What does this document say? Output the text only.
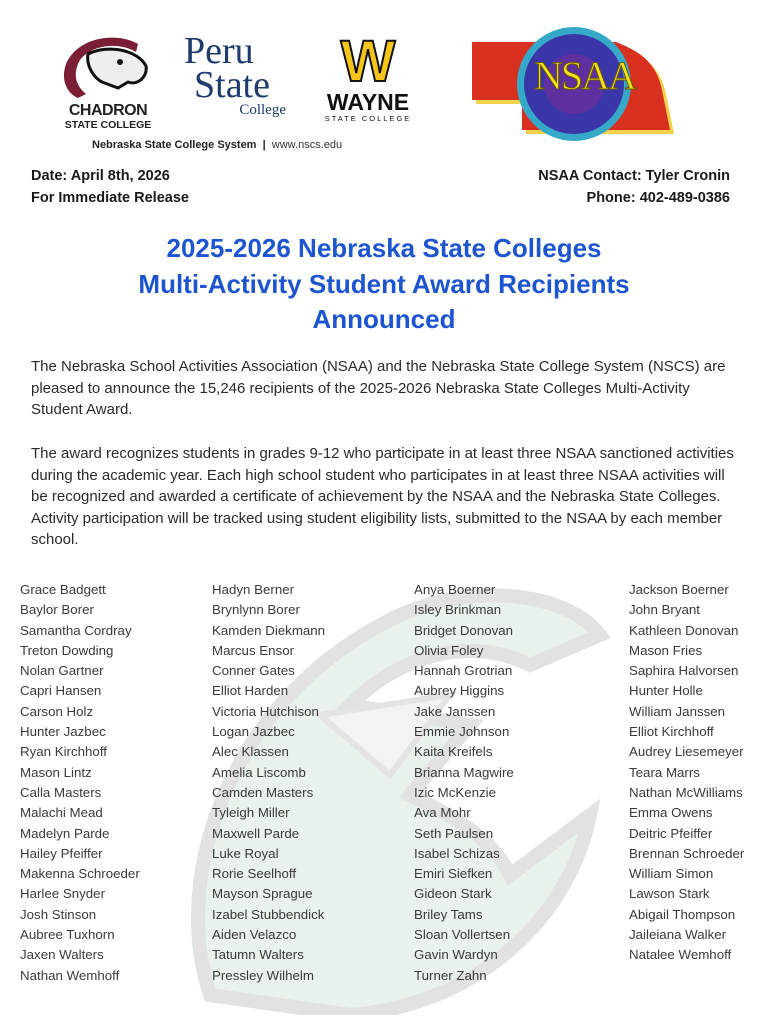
CHADRON
STATE COLLEGE
Peru
State
College
W
WAYNE
STATE COLLEGE
NSAA
Nebraska State College System | www.nscs.edu
Date: April 8th, 2026
For Immediate Release
NSAA Contact: Tyler Cronin
Phone: 402-489-0386
2025-2026 Nebraska State Colleges
Multi-Activity Student Award Recipients
Announced
The Nebraska School Activities Association (NSAA) and the Nebraska State College System (NSCS) are pleased to announce the 15,246 recipients of the 2025-2026 Nebraska State Colleges Multi-Activity Student Award.
The award recognizes students in grades 9-12 who participate in at least three NSAA sanctioned activities during the academic year. Each high school student who participates in at least three NSAA activities will be recognized and awarded a certificate of achievement by the NSAA and the Nebraska State Colleges. Activity participation will be tracked using student eligibility lists, submitted to the NSAA by each member school.
Grace Badgett
Baylor Borer
Samantha Cordray
Treton Dowding
Nolan Gartner
Capri Hansen
Carson Holz
Hunter Jazbec
Ryan Kirchhoff
Mason Lintz
Calla Masters
Malachi Mead
Madelyn Parde
Hailey Pfeiffer
Makenna Schroeder
Harlee Snyder
Josh Stinson
Aubree Tuxhorn
Jaxen Walters
Nathan Wemhoff
Hadyn Berner
Brynlynn Borer
Kamden Diekmann
Marcus Ensor
Conner Gates
Elliot Harden
Victoria Hutchison
Logan Jazbec
Alec Klassen
Amelia Liscomb
Camden Masters
Tyleigh Miller
Maxwell Parde
Luke Royal
Rorie Seelhoff
Mayson Sprague
Izabel Stubbendick
Aiden Velazco
Tatumn Walters
Pressley Wilhelm
Anya Boerner
Isley Brinkman
Bridget Donovan
Olivia Foley
Hannah Grotrian
Aubrey Higgins
Jake Janssen
Emmie Johnson
Kaita Kreifels
Brianna Magwire
Izic McKenzie
Ava Mohr
Seth Paulsen
Isabel Schizas
Emiri Siefken
Gideon Stark
Briley Tams
Sloan Vollertsen
Gavin Wardyn
Turner Zahn
Jackson Boerner
John Bryant
Kathleen Donovan
Mason Fries
Saphira Halvorsen
Hunter Holle
William Janssen
Elliot Kirchhoff
Audrey Liesemeyer
Teara Marrs
Nathan McWilliams
Emma Owens
Deitric Pfeiffer
Brennan Schroeder
William Simon
Lawson Stark
Abigail Thompson
Jaileiana Walker
Natalee Wemhoff
